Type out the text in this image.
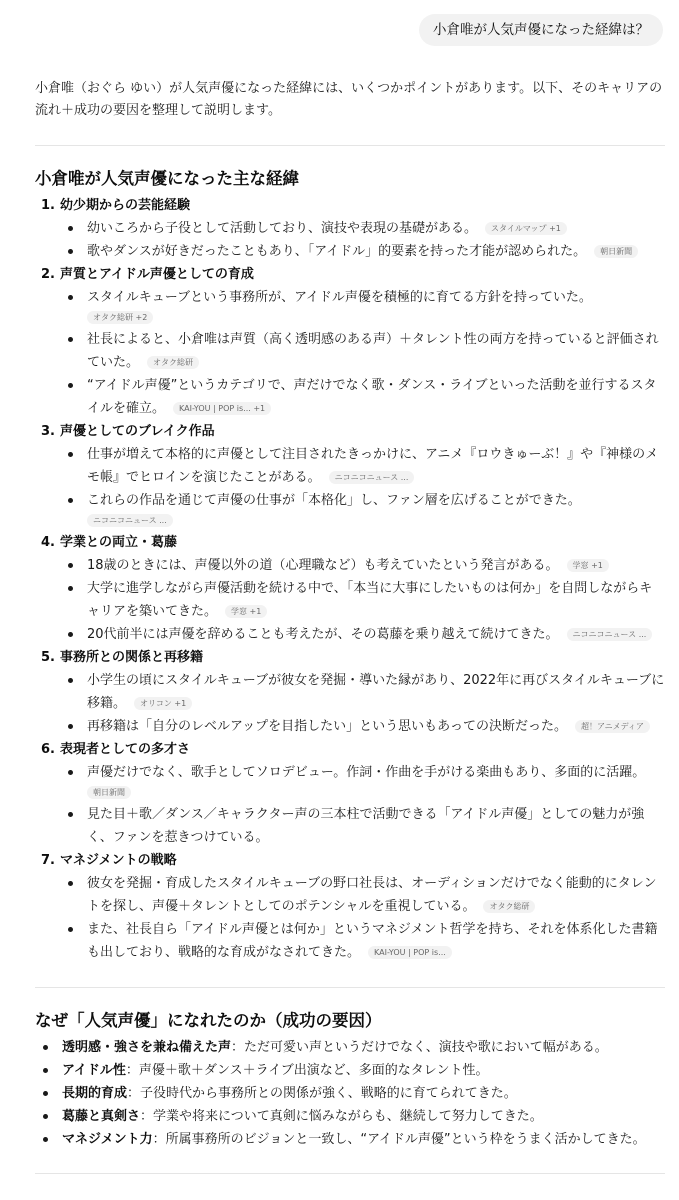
小倉唯が人気声優になった経緯は？

小倉唯（おぐら ゆい）が人気声優になった経緯には、いくつかポイントがあります。以下、そのキャリアの流れ＋成功の要因を整理して説明します。

小倉唯が人気声優になった主な経緯
1. 幼少期からの芸能経験
幼いころから子役として活動しており、演技や表現の基礎がある。 スタイルマップ +1
歌やダンスが好きだったこともあり、「アイドル」的要素を持った才能が認められた。 朝日新聞
2. 声質とアイドル声優としての育成
スタイルキューブという事務所が、アイドル声優を積極的に育てる方針を持っていた。
オタク総研 +2
社長によると、小倉唯は声質（高く透明感のある声）＋タレント性の両方を持っていると評価されていた。 オタク総研
“アイドル声優”というカテゴリで、声だけでなく歌・ダンス・ライブといった活動を並行するスタイルを確立。 KAI-YOU | POP is... +1
3. 声優としてのブレイク作品
仕事が増えて本格的に声優として注目されたきっかけに、アニメ『ロウきゅーぶ！』や『神様のメモ帳』でヒロインを演じたことがある。 ニコニコニュース ...
これらの作品を通じて声優の仕事が「本格化」し、ファン層を広げることができた。
ニコニコニュース ...
4. 学業との両立・葛藤
18歳のときには、声優以外の道（心理職など）も考えていたという発言がある。 学窓 +1
大学に進学しながら声優活動を続ける中で、「本当に大事にしたいものは何か」を自問しながらキャリアを築いてきた。 学窓 +1
20代前半には声優を辞めることも考えたが、その葛藤を乗り越えて続けてきた。 ニコニコニュース ...
5. 事務所との関係と再移籍
小学生の頃にスタイルキューブが彼女を発掘・導いた縁があり、2022年に再びスタイルキューブに移籍。 オリコン +1
再移籍は「自分のレベルアップを目指したい」という思いもあっての決断だった。 超！アニメディア
6. 表現者としての多才さ
声優だけでなく、歌手としてソロデビュー。作詞・作曲を手がける楽曲もあり、多面的に活躍。
朝日新聞
見た目＋歌／ダンス／キャラクター声の三本柱で活動できる「アイドル声優」としての魅力が強く、ファンを惹きつけている。
7. マネジメントの戦略
彼女を発掘・育成したスタイルキューブの野口社長は、オーディションだけでなく能動的にタレントを探し、声優＋タレントとしてのポテンシャルを重視している。 オタク総研
また、社長自ら「アイドル声優とは何か」というマネジメント哲学を持ち、それを体系化した書籍も出しており、戦略的な育成がなされてきた。 KAI-YOU | POP is...
なぜ「人気声優」になれたのか（成功の要因）
透明感・強さを兼ね備えた声：ただ可愛い声というだけでなく、演技や歌において幅がある。
アイドル性：声優＋歌＋ダンス＋ライブ出演など、多面的なタレント性。
長期的育成：子役時代から事務所との関係が強く、戦略的に育てられてきた。
葛藤と真剣さ：学業や将来について真剣に悩みながらも、継続して努力してきた。
マネジメント力：所属事務所のビジョンと一致し、“アイドル声優”という枠をうまく活かしてきた。
